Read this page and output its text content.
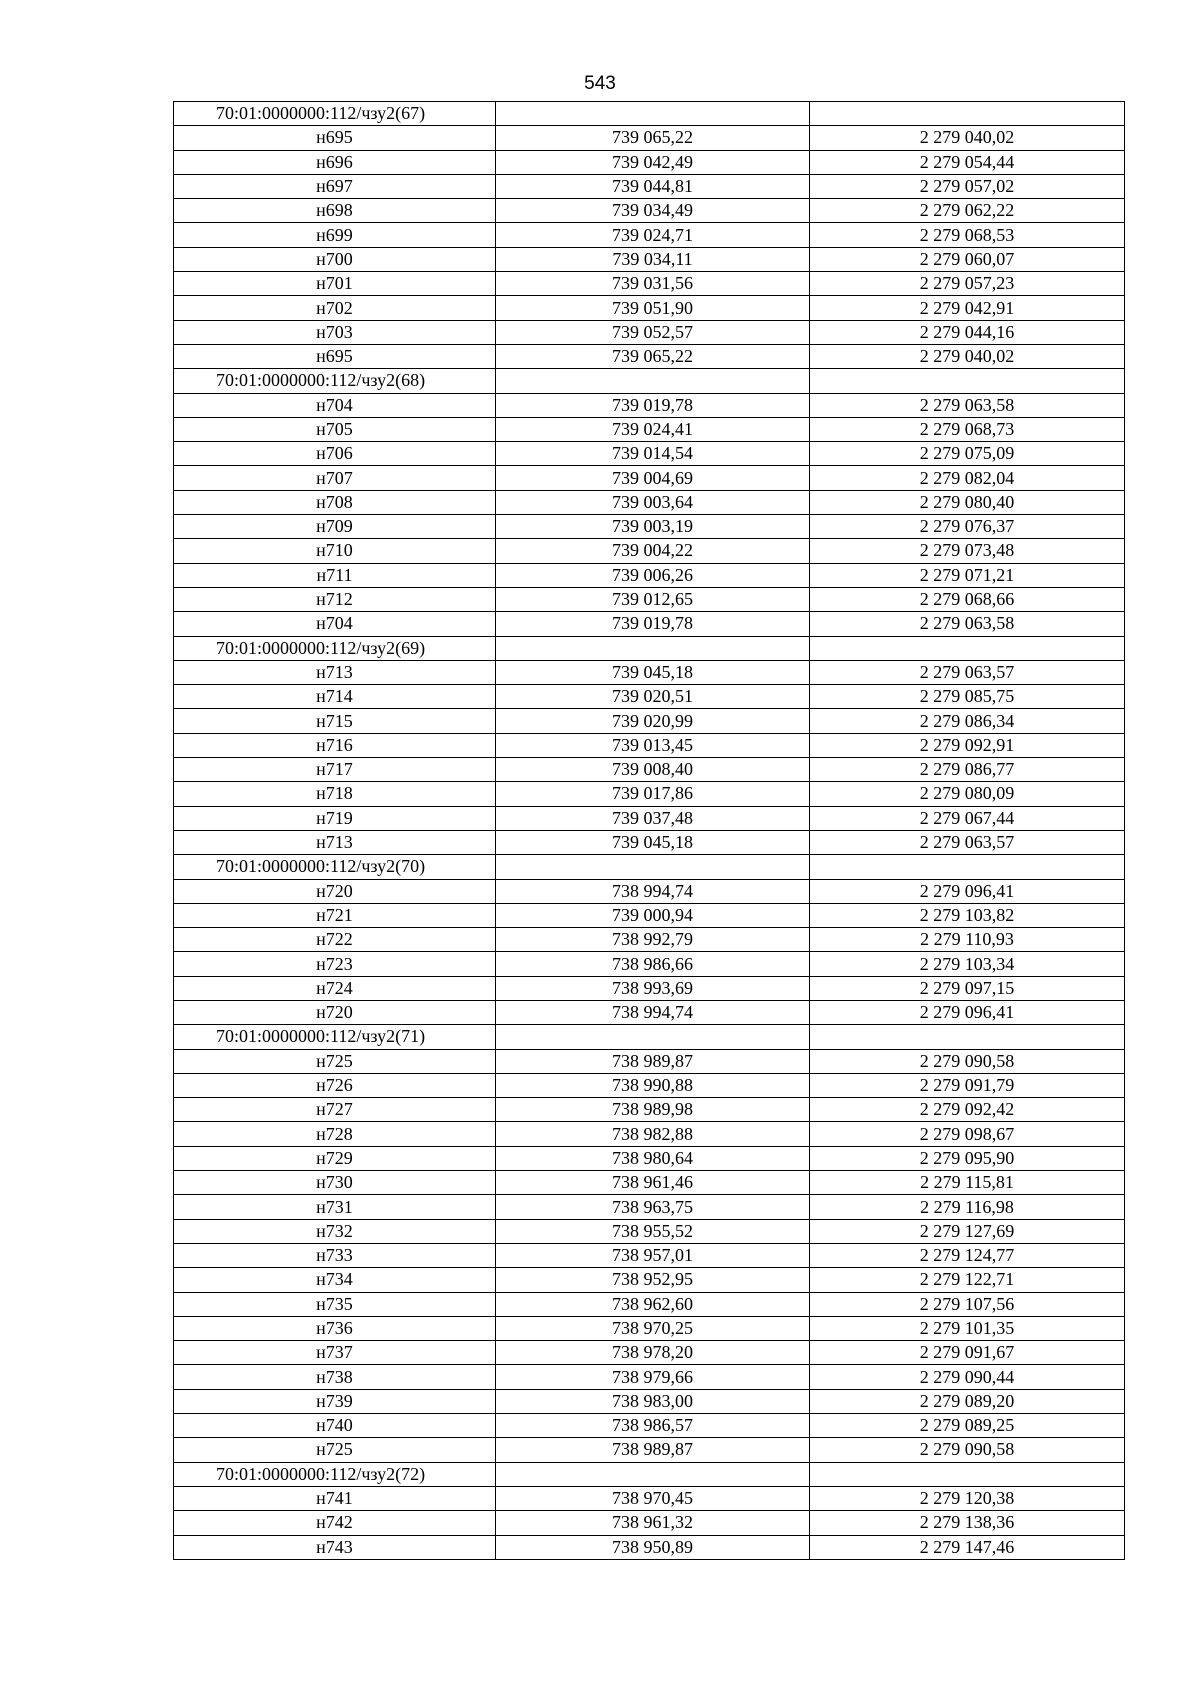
543
70:01:0000000:112/чзу2(67)		
н695	739 065,22	2 279 040,02
н696	739 042,49	2 279 054,44
н697	739 044,81	2 279 057,02
н698	739 034,49	2 279 062,22
н699	739 024,71	2 279 068,53
н700	739 034,11	2 279 060,07
н701	739 031,56	2 279 057,23
н702	739 051,90	2 279 042,91
н703	739 052,57	2 279 044,16
н695	739 065,22	2 279 040,02
70:01:0000000:112/чзу2(68)		
н704	739 019,78	2 279 063,58
н705	739 024,41	2 279 068,73
н706	739 014,54	2 279 075,09
н707	739 004,69	2 279 082,04
н708	739 003,64	2 279 080,40
н709	739 003,19	2 279 076,37
н710	739 004,22	2 279 073,48
н711	739 006,26	2 279 071,21
н712	739 012,65	2 279 068,66
н704	739 019,78	2 279 063,58
70:01:0000000:112/чзу2(69)		
н713	739 045,18	2 279 063,57
н714	739 020,51	2 279 085,75
н715	739 020,99	2 279 086,34
н716	739 013,45	2 279 092,91
н717	739 008,40	2 279 086,77
н718	739 017,86	2 279 080,09
н719	739 037,48	2 279 067,44
н713	739 045,18	2 279 063,57
70:01:0000000:112/чзу2(70)		
н720	738 994,74	2 279 096,41
н721	739 000,94	2 279 103,82
н722	738 992,79	2 279 110,93
н723	738 986,66	2 279 103,34
н724	738 993,69	2 279 097,15
н720	738 994,74	2 279 096,41
70:01:0000000:112/чзу2(71)		
н725	738 989,87	2 279 090,58
н726	738 990,88	2 279 091,79
н727	738 989,98	2 279 092,42
н728	738 982,88	2 279 098,67
н729	738 980,64	2 279 095,90
н730	738 961,46	2 279 115,81
н731	738 963,75	2 279 116,98
н732	738 955,52	2 279 127,69
н733	738 957,01	2 279 124,77
н734	738 952,95	2 279 122,71
н735	738 962,60	2 279 107,56
н736	738 970,25	2 279 101,35
н737	738 978,20	2 279 091,67
н738	738 979,66	2 279 090,44
н739	738 983,00	2 279 089,20
н740	738 986,57	2 279 089,25
н725	738 989,87	2 279 090,58
70:01:0000000:112/чзу2(72)		
н741	738 970,45	2 279 120,38
н742	738 961,32	2 279 138,36
н743	738 950,89	2 279 147,46
